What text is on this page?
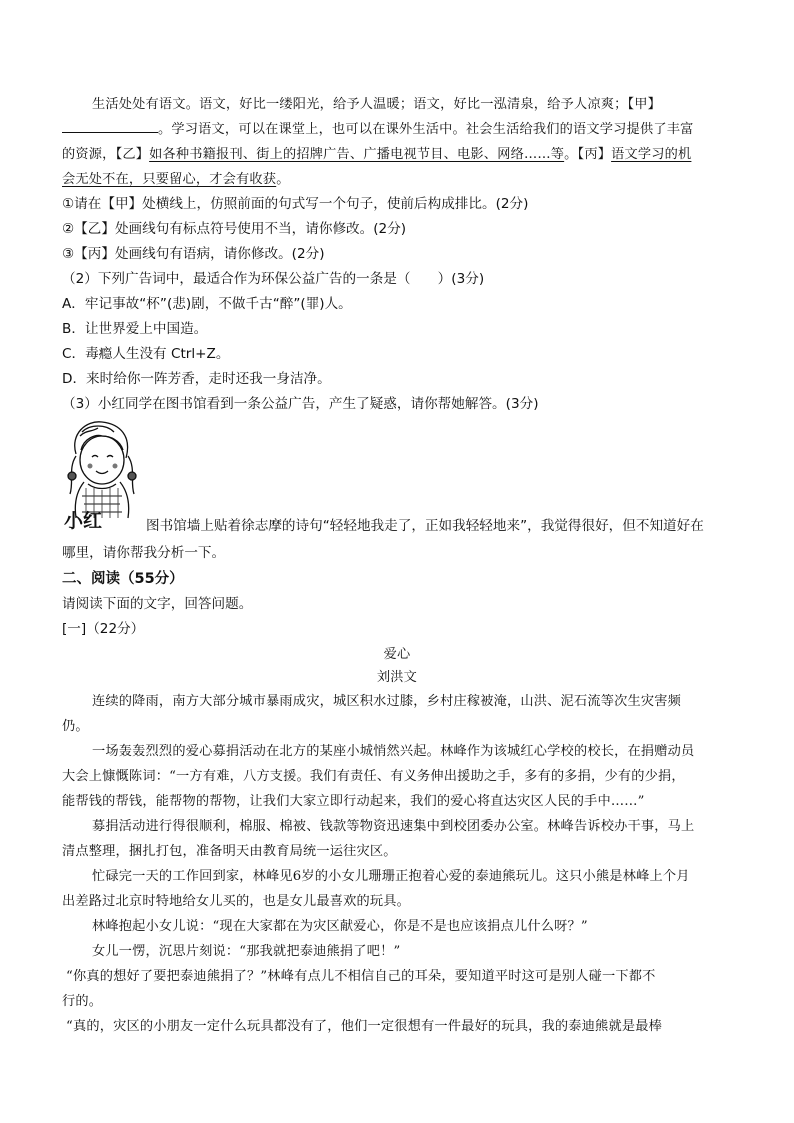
生活处处有语文。语文，好比一缕阳光，给予人温暖；语文，好比一泓清泉，给予人凉爽；【甲】
。学习语文，可以在课堂上，也可以在课外生活中。社会生活给我们的语文学习提供了丰富
的资源，【乙】如各种书籍报刊、街上的招牌广告、广播电视节目、电影、网络……等。【丙】语文学习的机
会无处不在，只要留心，才会有收获。
①请在【甲】处横线上，仿照前面的句式写一个句子，使前后构成排比。(2分)
②【乙】处画线句有标点符号使用不当，请你修改。(2分)
③【丙】处画线句有语病，请你修改。(2分)
（2）下列广告词中，最适合作为环保公益广告的一条是（　　）(3分)
A．牢记事故“杯”(悲)剧，不做千古“醉”(罪)人。
B．让世界爱上中国造。
C．毒瘾人生没有 Ctrl+Z。
D．来时给你一阵芳香，走时还我一身洁净。
（3）小红同学在图书馆看到一条公益广告，产生了疑惑，请你帮她解答。(3分)
小红	图书馆墙上贴着徐志摩的诗句“轻轻地我走了，正如我轻轻地来”，我觉得很好，但不知道好在
哪里，请你帮我分析一下。
二、阅读（55分）
请阅读下面的文字，回答问题。
[一]（22分）
爱心
刘洪文
连续的降雨，南方大部分城市暴雨成灾，城区积水过膝，乡村庄稼被淹，山洪、泥石流等次生灾害频
仍。
一场轰轰烈烈的爱心募捐活动在北方的某座小城悄然兴起。林峰作为该城红心学校的校长，在捐赠动员
大会上慷慨陈词：“一方有难，八方支援。我们有责任、有义务伸出援助之手，多有的多捐，少有的少捐，
能帮钱的帮钱，能帮物的帮物，让我们大家立即行动起来，我们的爱心将直达灾区人民的手中……”
募捐活动进行得很顺利，棉服、棉被、钱款等物资迅速集中到校团委办公室。林峰告诉校办干事，马上
清点整理，捆扎打包，准备明天由教育局统一运往灾区。
忙碌完一天的工作回到家，林峰见6岁的小女儿珊珊正抱着心爱的泰迪熊玩儿。这只小熊是林峰上个月
出差路过北京时特地给女儿买的，也是女儿最喜欢的玩具。
林峰抱起小女儿说：“现在大家都在为灾区献爱心，你是不是也应该捐点儿什么呀？”
女儿一愣，沉思片刻说：“那我就把泰迪熊捐了吧！”
“你真的想好了要把泰迪熊捐了？”林峰有点儿不相信自己的耳朵，要知道平时这可是别人碰一下都不
行的。
“真的，灾区的小朋友一定什么玩具都没有了，他们一定很想有一件最好的玩具，我的泰迪熊就是最棒
